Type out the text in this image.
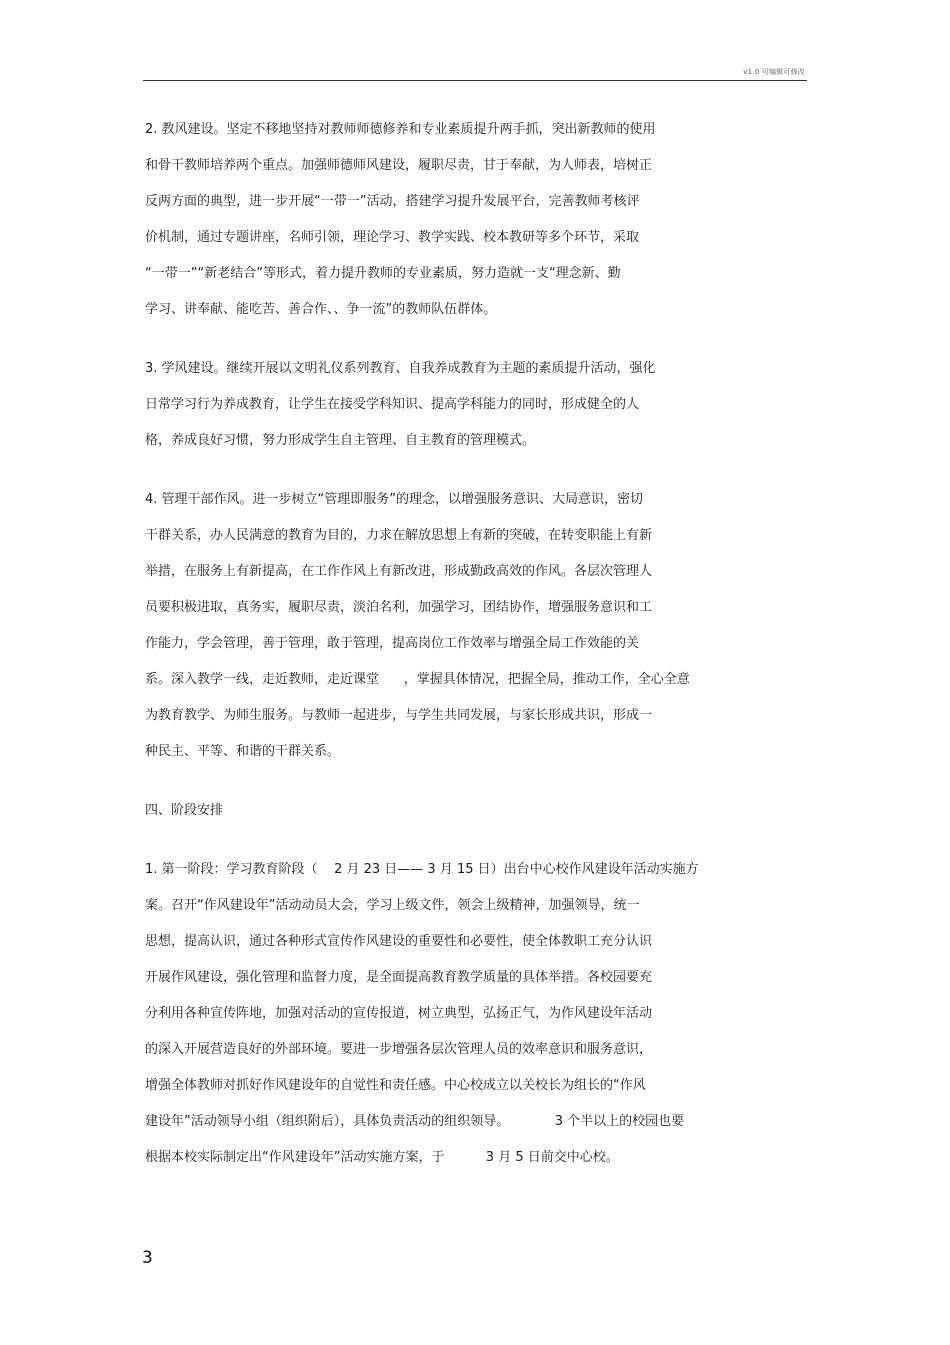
v1.0 可编辑可修改
2. 教风建设。坚定不移地坚持对教师师德修养和专业素质提升两手抓，突出新教师的使用
和骨干教师培养两个重点。加强师德师风建设，履职尽责，甘于奉献，为人师表，培树正
反两方面的典型，进一步开展“一带一”活动，搭建学习提升发展平台，完善教师考核评
价机制，通过专题讲座，名师引领，理论学习、教学实践、校本教研等多个环节，采取
“一带一”“新老结合”等形式，着力提升教师的专业素质，努力造就一支“理念新、勤
学习、讲奉献、能吃苦、善合作、、争一流”的教师队伍群体。
3. 学风建设。继续开展以文明礼仪系列教育、自我养成教育为主题的素质提升活动，强化
日常学习行为养成教育，让学生在接受学科知识、提高学科能力的同时，形成健全的人
格，养成良好习惯，努力形成学生自主管理、自主教育的管理模式。
4. 管理干部作风。进一步树立“管理即服务”的理念，以增强服务意识、大局意识，密切
干群关系，办人民满意的教育为目的，力求在解放思想上有新的突破，在转变职能上有新
举措，在服务上有新提高，在工作作风上有新改进，形成勤政高效的作风。各层次管理人
员要积极进取，真务实，履职尽责，淡泊名利，加强学习，团结协作，增强服务意识和工
作能力，学会管理，善于管理，敢于管理，提高岗位工作效率与增强全局工作效能的关
系。深入教学一线，走近教师，走近课堂      ，掌握具体情况，把握全局，推动工作，全心全意
为教育教学、为师生服务。与教师一起进步，与学生共同发展，与家长形成共识，形成一
种民主、平等、和谐的干群关系。
四、阶段安排
1. 第一阶段：学习教育阶段（    2 月 23 日—— 3 月 15 日）出台中心校作风建设年活动实施方
案。召开“作风建设年”活动动员大会，学习上级文件，领会上级精神，加强领导，统一
思想，提高认识，通过各种形式宣传作风建设的重要性和必要性，使全体教职工充分认识
开展作风建设，强化管理和监督力度，是全面提高教育教学质量的具体举措。各校园要充
分利用各种宣传阵地，加强对活动的宣传报道，树立典型，弘扬正气，为作风建设年活动
的深入开展营造良好的外部环境。要进一步增强各层次管理人员的效率意识和服务意识，
增强全体教师对抓好作风建设年的自觉性和责任感。中心校成立以关校长为组长的“作风
建设年”活动领导小组（组织附后），具体负责活动的组织领导。           3 个半以上的校园也要
根据本校实际制定出“作风建设年”活动实施方案，于          3 月 5 日前交中心校。
3
